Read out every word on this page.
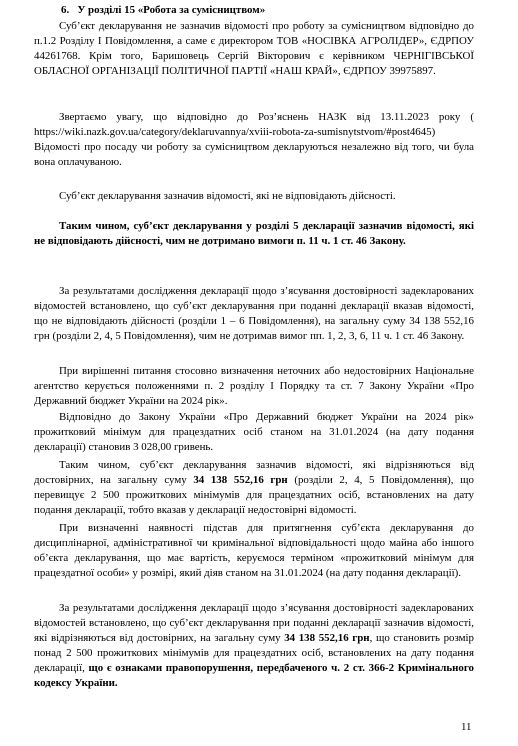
6.   У розділі 15 «Робота за сумісництвом»

Суб’єкт декларування не зазначив відомості про роботу за сумісництвом відповідно до п.1.2 Розділу I Повідомлення, а саме є директором ТОВ «НОСІВКА АГРОЛІДЕР», ЄДРПОУ 44261768. Крім того, Баришовець Сергій Вікторович є керівником ЧЕРНІГІВСЬКОЇ ОБЛАСНОЇ ОРГАНІЗАЦІЇ ПОЛІТИЧНОЇ ПАРТІЇ «НАШ КРАЙ», ЄДРПОУ 39975897.

Звертаємо увагу, що відповідно до Роз’яснень НАЗК від 13.11.2023 року ( https://wiki.nazk.gov.ua/category/deklaruvannya/xviii-robota-za-sumisnytstvom/#post4645) Відомості про посаду чи роботу за сумісництвом декларуються незалежно від того, чи була вона оплачуваною.

Суб’єкт декларування зазначив відомості, які не відповідають дійсності.

Таким чином, суб’єкт декларування у розділі 5 декларації зазначив відомості, які не відповідають дійсності, чим не дотримано вимоги п. 11 ч. 1 ст. 46 Закону.

За результатами дослідження декларації щодо з’ясування достовірності задекларованих відомостей встановлено, що суб’єкт декларування при поданні декларації вказав відомості, що не відповідають дійсності (розділи 1 – 6 Повідомлення), на загальну суму 34 138 552,16 грн (розділи 2, 4, 5 Повідомлення), чим не дотримав вимог пп. 1, 2, 3, 6, 11 ч. 1 ст. 46 Закону.

При вирішенні питання стосовно визначення неточних або недостовірних Національне агентство керується положеннями п. 2 розділу I Порядку та ст. 7 Закону України «Про Державний бюджет України на 2024 рік».

Відповідно до Закону України «Про Державний бюджет України на 2024 рік» прожитковий мінімум для працездатних осіб станом на 31.01.2024 (на дату подання декларації) становив 3 028,00 гривень.

Таким чином, суб’єкт декларування зазначив відомості, які відрізняються від достовірних, на загальну суму 34 138 552,16 грн (розділи 2, 4, 5 Повідомлення), що перевищує 2 500 прожиткових мінімумів для працездатних осіб, встановлених на дату подання декларації, тобто вказав у декларації недостовірні відомості.

При визначенні наявності підстав для притягнення суб’єкта декларування до дисциплінарної, адміністративної чи кримінальної відповідальності щодо майна або іншого об’єкта декларування, що має вартість, керуємося терміном «прожитковий мінімум для працездатної особи» у розмірі, який діяв станом на 31.01.2024 (на дату подання декларації).

За результатами дослідження декларації щодо з’ясування достовірності задекларованих відомостей встановлено, що суб’єкт декларування при поданні декларації зазначив відомості, які відрізняються від достовірних, на загальну суму 34 138 552,16 грн, що становить розмір понад 2 500 прожиткових мінімумів для працездатних осіб, встановлених на дату подання декларації, що є ознаками правопорушення, передбаченого ч. 2 ст. 366-2 Кримінального кодексу України.

11
